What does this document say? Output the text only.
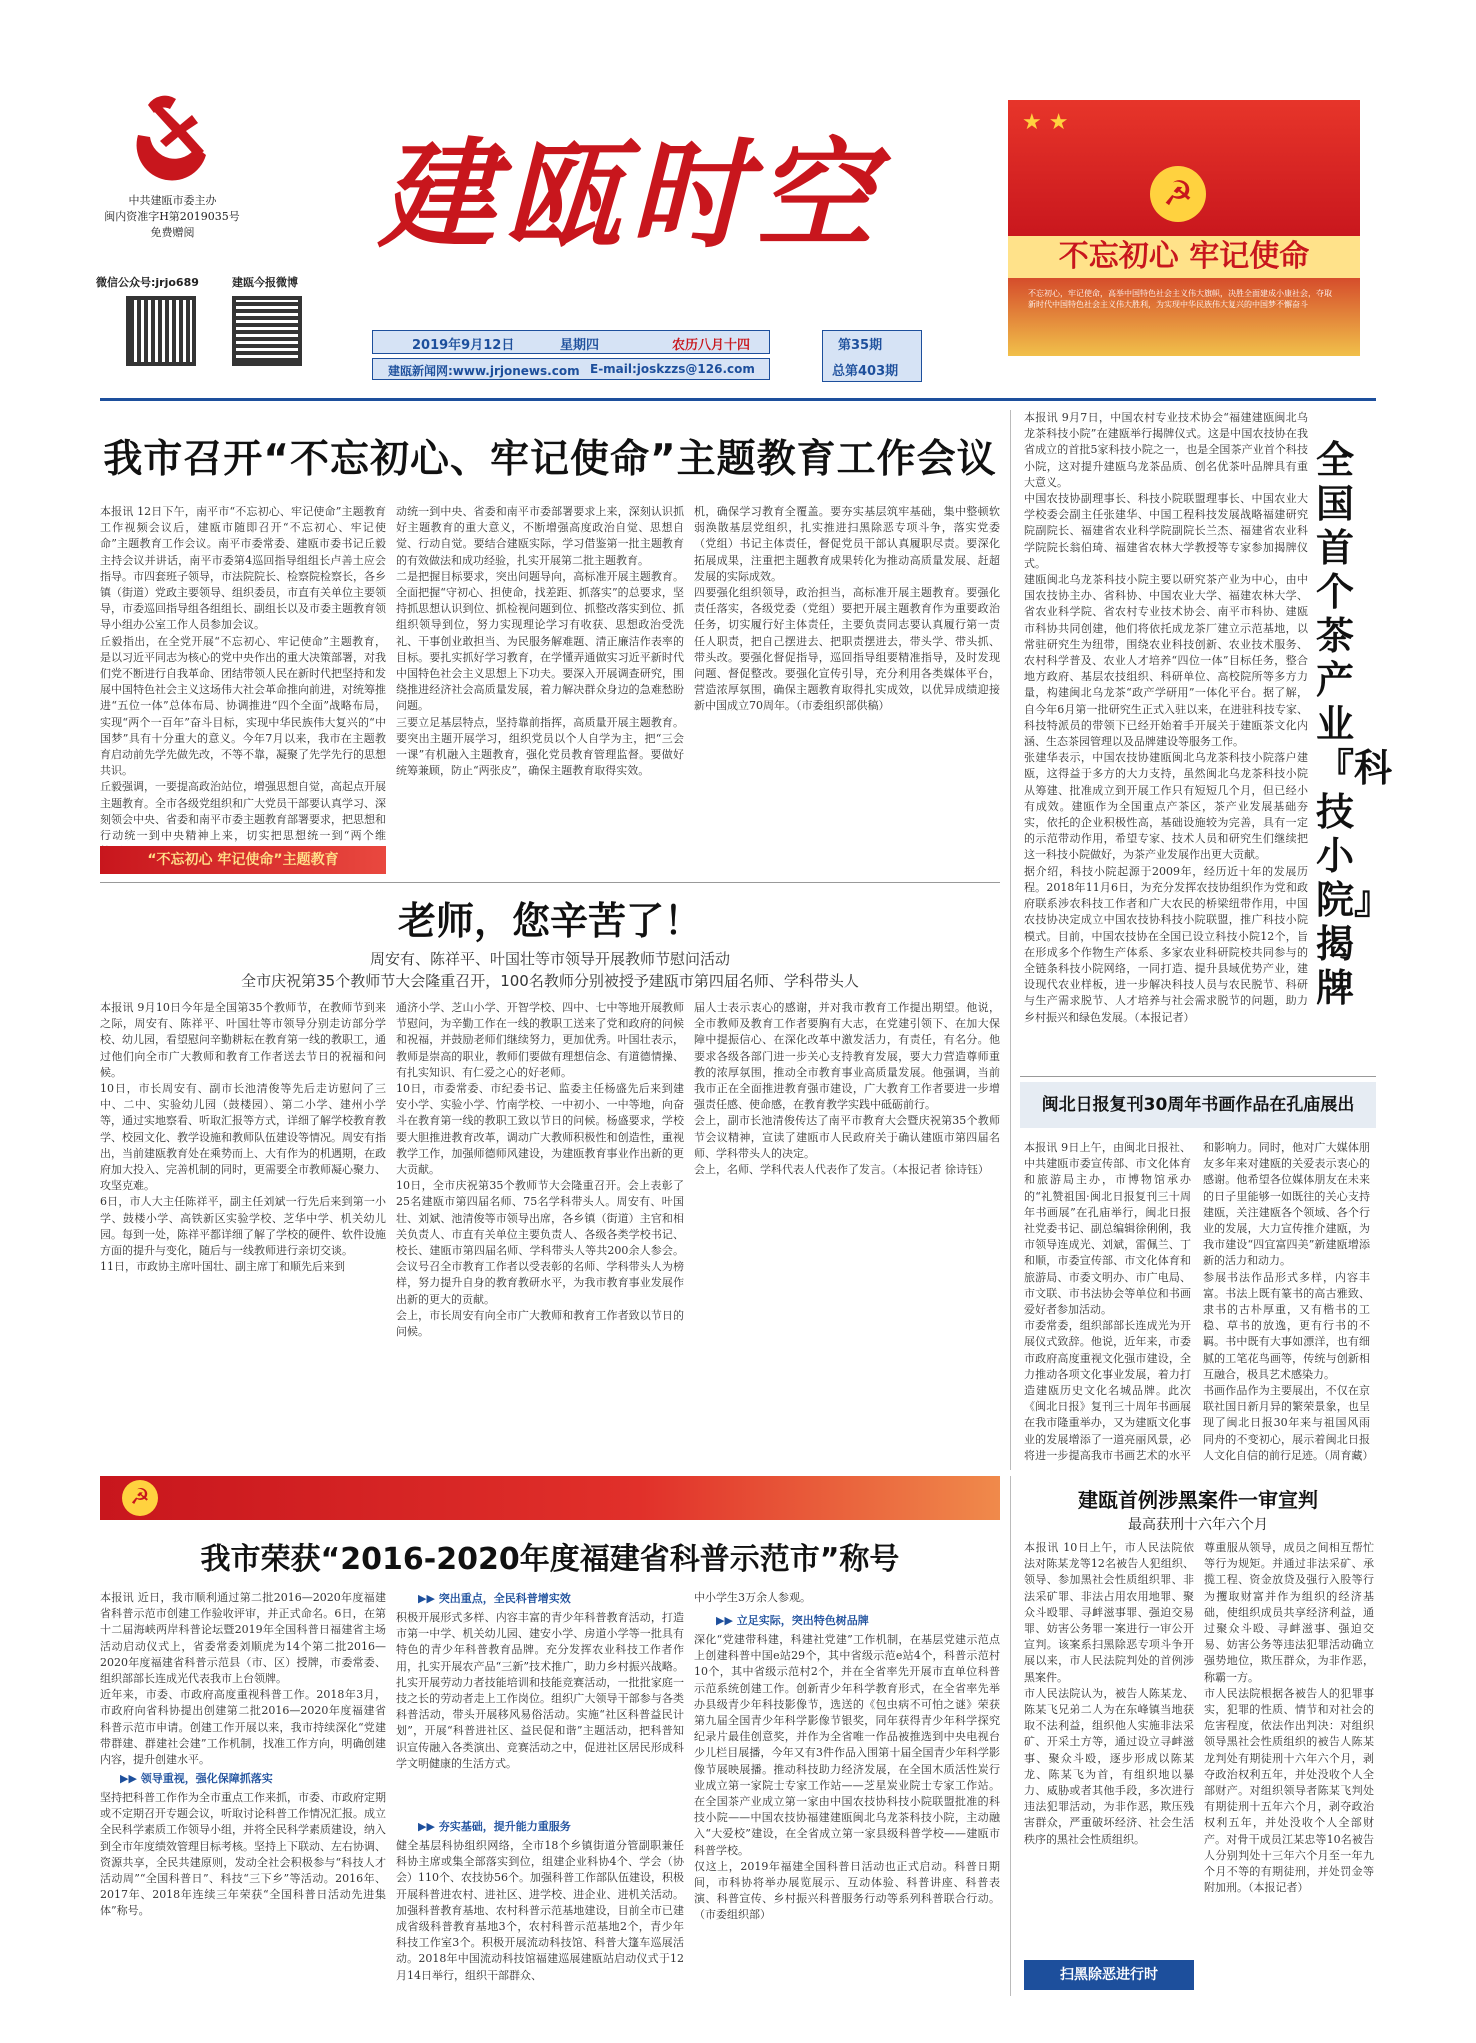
中共建瓯市委主办
闽内资准字H第2019035号
免费赠阅
微信公众号:jrjo689	建瓯今报微博
建瓯时空
2019年9月12日	星期四	农历八月十四
建瓯新闻网:www.jrjonews.com E-mail:joskzzs@126.com
第35期
总第403期
★ ★
☭
不忘初心 牢记使命
不忘初心，牢记使命，高举中国特色社会主义伟大旗帜，决胜全面建成小康社会，夺取新时代中国特色社会主义伟大胜利，为实现中华民族伟大复兴的中国梦不懈奋斗
我市召开“不忘初心、牢记使命”主题教育工作会议
本报讯 12日下午，南平市“不忘初心、牢记使命”主题教育工作视频会议后，建瓯市随即召开“不忘初心、牢记使命”主题教育工作会议。南平市委常委、建瓯市委书记丘毅主持会议并讲话，南平市委第4巡回指导组组长卢善土应会指导。市四套班子领导，市法院院长、检察院检察长，各乡镇（街道）党政主要领导、组织委员，市直有关单位主要领导，市委巡回指导组各组组长、副组长以及市委主题教育领导小组办公室工作人员参加会议。
丘毅指出，在全党开展“不忘初心、牢记使命”主题教育，是以习近平同志为核心的党中央作出的重大决策部署，对我们党不断进行自我革命、团结带领人民在新时代把坚持和发展中国特色社会主义这场伟大社会革命推向前进，对统筹推进“五位一体”总体布局、协调推进“四个全面”战略布局，实现“两个一百年”奋斗目标，实现中华民族伟大复兴的“中国梦”具有十分重大的意义。今年7月以来，我市在主题教育启动前先学先做先改，不等不靠，凝聚了先学先行的思想共识。
丘毅强调，一要提高政治站位，增强思想自觉，高起点开展主题教育。全市各级党组织和广大党员干部要认真学习、深刻领会中央、省委和南平市委主题教育部署要求，把思想和行动统一到中央精神上来，切实把思想统一到“两个维
动统一到中央、省委和南平市委部署要求上来，深刻认识抓好主题教育的重大意义，不断增强高度政治自觉、思想自觉、行动自觉。要结合建瓯实际，学习借鉴第一批主题教育的有效做法和成功经验，扎实开展第二批主题教育。
二是把握目标要求，突出问题导向，高标准开展主题教育。全面把握“守初心、担使命，找差距、抓落实”的总要求，坚持抓思想认识到位、抓检视问题到位、抓整改落实到位、抓组织领导到位，努力实现理论学习有收获、思想政治受洗礼、干事创业敢担当、为民服务解难题、清正廉洁作表率的目标。要扎实抓好学习教育，在学懂弄通做实习近平新时代中国特色社会主义思想上下功夫。要深入开展调查研究，围绕推进经济社会高质量发展，着力解决群众身边的急难愁盼问题。
三要立足基层特点，坚持靠前指挥，高质量开展主题教育。要突出主题开展学习，组织党员以个人自学为主，把“三会一课”有机融入主题教育，强化党员教育管理监督。要做好统筹兼顾，防止“两张皮”，确保主题教育取得实效。
机，确保学习教育全覆盖。要夯实基层筑牢基础，集中整顿软弱涣散基层党组织，扎实推进扫黑除恶专项斗争，落实党委（党组）书记主体责任，督促党员干部认真履职尽责。要深化拓展成果，注重把主题教育成果转化为推动高质量发展、赶超发展的实际成效。
四要强化组织领导，政治担当，高标准开展主题教育。要强化责任落实，各级党委（党组）要把开展主题教育作为重要政治任务，切实履行好主体责任，主要负责同志要认真履行第一责任人职责，把自己摆进去、把职责摆进去，带头学、带头抓、带头改。要强化督促指导，巡回指导组要精准指导，及时发现问题、督促整改。要强化宣传引导，充分利用各类媒体平台，营造浓厚氛围，确保主题教育取得扎实成效，以优异成绩迎接新中国成立70周年。（市委组织部供稿）
“不忘初心 牢记使命”主题教育
老师，您辛苦了！
周安有、陈祥平、叶国壮等市领导开展教师节慰问活动
全市庆祝第35个教师节大会隆重召开，100名教师分别被授予建瓯市第四届名师、学科带头人
本报讯 9月10日今年是全国第35个教师节，在教师节到来之际，周安有、陈祥平、叶国壮等市领导分别走访部分学校、幼儿园，看望慰问辛勤耕耘在教育第一线的教职工，通过他们向全市广大教师和教育工作者送去节日的祝福和问候。
10日，市长周安有、副市长池清俊等先后走访慰问了三中、二中、实验幼儿园（鼓楼园）、第二小学、建州小学等，通过实地察看、听取汇报等方式，详细了解学校教育教学、校园文化、教学设施和教师队伍建设等情况。周安有指出，当前建瓯教育处在乘势而上、大有作为的机遇期，在政府加大投入、完善机制的同时，更需要全市教师凝心聚力、攻坚克难。
6日，市人大主任陈祥平，副主任刘斌一行先后来到第一小学、鼓楼小学、高铁新区实验学校、芝华中学、机关幼儿园。每到一处，陈祥平都详细了解了学校的硬件、软件设施方面的提升与变化，随后与一线教师进行亲切交谈。
11日，市政协主席叶国壮、副主席丁和顺先后来到
通济小学、芝山小学、开智学校、四中、七中等地开展教师节慰问，为辛勤工作在一线的教职工送来了党和政府的问候和祝福，并鼓励老师们继续努力，更加优秀。叶国壮表示，教师是崇高的职业，教师们要做有理想信念、有道德情操、有扎实知识、有仁爱之心的好老师。
10日，市委常委、市纪委书记、监委主任杨盛先后来到建安小学、实验小学、竹南学校、一中初小、一中等地，向奋斗在教育第一线的教职工致以节日的问候。杨盛要求，学校要大胆推进教育改革，调动广大教师积极性和创造性，重视教学工作，加强师德师风建设，为建瓯教育事业作出新的更大贡献。
10日，全市庆祝第35个教师节大会隆重召开。会上表彰了25名建瓯市第四届名师、75名学科带头人。周安有、叶国壮、刘斌、池清俊等市领导出席，各乡镇（街道）主官和相关负责人、市直有关单位主要负责人、各级各类学校书记、校长、建瓯市第四届名师、学科带头人等共200余人参会。会议号召全市教育工作者以受表彰的名师、学科带头人为榜样，努力提升自身的教育教研水平，为我市教育事业发展作出新的更大的贡献。
会上，市长周安有向全市广大教师和教育工作者致以节日的问候。
届人士表示衷心的感谢，并对我市教育工作提出期望。他说，全市教师及教育工作者要胸有大志，在党建引领下、在加大保障中提振信心、在深化改革中激发活力，有责任，有名分。他要求各级各部门进一步关心支持教育发展，要大力营造尊师重教的浓厚氛围，推动全市教育事业高质量发展。他强调，当前我市正在全面推进教育强市建设，广大教育工作者要进一步增强责任感、使命感，在教育教学实践中砥砺前行。
会上，副市长池清俊传达了南平市教育大会暨庆祝第35个教师节会议精神，宣读了建瓯市人民政府关于确认建瓯市第四届名师、学科带头人的决定。
会上，名师、学科代表人代表作了发言。（本报记者 徐诗钰）
本报讯 9月7日，中国农村专业技术协会“福建建瓯闽北乌龙茶科技小院”在建瓯举行揭牌仪式。这是中国农技协在我省成立的首批5家科技小院之一，也是全国茶产业首个科技小院，这对提升建瓯乌龙茶品质、创名优茶叶品牌具有重大意义。
中国农技协副理事长、科技小院联盟理事长、中国农业大学校委会副主任张建华、中国工程科技发展战略福建研究院副院长、福建省农业科学院副院长兰杰、福建省农业科学院院长翁伯琦、福建省农林大学教授等专家参加揭牌仪式。
建瓯闽北乌龙茶科技小院主要以研究茶产业为中心，由中国农技协主办、省科协、中国农业大学、福建农林大学、省农业科学院、省农村专业技术协会、南平市科协、建瓯市科协共同创建，他们将依托成龙茶厂建立示范基地，以常驻研究生为纽带，围绕农业科技创新、农业技术服务、农村科学普及、农业人才培养“四位一体”目标任务，整合地方政府、基层农技组织、科研单位、高校院所等多方力量，构建闽北乌龙茶“政产学研用”一体化平台。据了解，自今年6月第一批研究生正式入驻以来，在进驻科技专家、科技特派员的带领下已经开始着手开展关于建瓯茶文化内涵、生态茶园管理以及品牌建设等服务工作。
张建华表示，中国农技协建瓯闽北乌龙茶科技小院落户建瓯，这得益于多方的大力支持，虽然闽北乌龙茶科技小院从筹建、批准成立到开展工作只有短短几个月，但已经小有成效。建瓯作为全国重点产茶区，茶产业发展基础夯实，依托的企业积极性高，基础设施较为完善，具有一定的示范带动作用，希望专家、技术人员和研究生们继续把这一科技小院做好，为茶产业发展作出更大贡献。
据介绍，科技小院起源于2009年，经历近十年的发展历程。2018年11月6日，为充分发挥农技协组织作为党和政府联系涉农科技工作者和广大农民的桥梁纽带作用，中国农技协决定成立中国农技协科技小院联盟，推广科技小院模式。目前，中国农技协在全国已设立科技小院12个，旨在形成多个作物生产体系、多家农业科研院校共同参与的全链条科技小院网络，一同打造、提升县域优势产业，建设现代农业样板，进一步解决科技人员与农民脱节、科研与生产需求脱节、人才培养与社会需求脱节的问题，助力乡村振兴和绿色发展。（本报记者）
全国首个茶产业『科技小院』揭牌
闽北日报复刊30周年书画作品在孔庙展出
本报讯 9日上午，由闽北日报社、中共建瓯市委宣传部、市文化体育和旅游局主办，市博物馆承办的“礼赞祖国·闽北日报复刊三十周年书画展”在孔庙举行，闽北日报社党委书记、副总编辑徐俐俐，我市领导连成光、刘斌，雷佩兰、丁和顺，市委宣传部、市文化体育和旅游局、市委文明办、市广电局、市文联、市书法协会等单位和书画爱好者参加活动。
市委常委，组织部部长连成光为开展仪式致辞。他说，近年来，市委市政府高度重视文化强市建设，全力推动各项文化事业发展，着力打造建瓯历史文化名城品牌。此次《闽北日报》复刊三十周年书画展在我市隆重举办，又为建瓯文化事业的发展增添了一道亮丽风景，必将进一步提高我市书画艺术的水平和影响力。同时，他对广大媒体朋友多年来对建瓯的关爱表示衷心的感谢。他希望各位媒体朋友在未来的日子里能够一如既往的关心支持建瓯，关注建瓯各个领域、各个行业的发展，大力宣传推介建瓯，为我市建设“四宜富四美”新建瓯增添新的活力和动力。
参展书法作品形式多样，内容丰富。书法上既有篆书的高古雅致、隶书的古朴厚重，又有楷书的工稳、草书的放逸，更有行书的不羁。书中既有大事如漂洋，也有细腻的工笔花鸟画等，传统与创新相互融合，极具艺术感染力。
书画作品作为主要展出，不仅在京联社国日新月异的繁荣景象，也呈现了闽北日报30年来与祖国风雨同舟的不变初心，展示着闽北日报人文化自信的前行足迹。（周育藏）
☭
我市荣获“2016-2020年度福建省科普示范市”称号
本报讯 近日，我市顺利通过第二批2016—2020年度福建省科普示范市创建工作验收评审，并正式命名。6日，在第十二届海峡两岸科普论坛暨2019年全国科普日福建省主场活动启动仪式上，省委常委刘顺虎为14个第二批2016—2020年度福建省科普示范县（市、区）授牌，市委常委、组织部部长连成光代表我市上台领牌。
近年来，市委、市政府高度重视科普工作。2018年3月，市政府向省科协提出创建第二批2016—2020年度福建省科普示范市申请。创建工作开展以来，我市持续深化“党建带群建、群建社会建”工作机制，找准工作方向，明确创建内容，提升创建水平。
▶▶ 领导重视，强化保障抓落实
坚持把科普工作作为全市重点工作来抓，市委、市政府定期或不定期召开专题会议，听取讨论科普工作情况汇报。成立全民科学素质工作领导小组，并将全民科学素质建设，纳入到全市年度绩效管理目标考核。坚持上下联动、左右协调、资源共享，全民共建原则，发动全社会积极参与“科技人才活动周”“全国科普日”、科技“三下乡”等活动。2016年、2017年、2018年连续三年荣获“全国科普日活动先进集体”称号。
▶▶ 突出重点，全民科普增实效
积极开展形式多样、内容丰富的青少年科普教育活动，打造市第一中学、机关幼儿园、建安小学、房道小学等一批具有特色的青少年科普教育品牌。充分发挥农业科技工作者作用，扎实开展农产品“三新”技术推广，助力乡村振兴战略。扎实开展劳动力者技能培训和技能竞赛活动，一批批家庭一技之长的劳动者走上工作岗位。组织广大领导干部参与各类科普活动，带头开展移风易俗活动。实施“社区科普益民计划”，开展“科普进社区、益民促和谐”主题活动，把科普知识宣传融入各类演出、竞赛活动之中，促进社区居民形成科学文明健康的生活方式。
▶▶ 夯实基础，提升能力重服务
健全基层科协组织网络，全市18个乡镇街道分管副职兼任科协主席或集全部落实到位，组建企业科协4个、学会（协会）110个、农技协56个。加强科普工作部队伍建设，积极开展科普进农村、进社区、进学校、进企业、进机关活动。加强科普教育基地、农村科普示范基地建设，目前全市已建成省级科普教育基地3个，农村科普示范基地2个，青少年科技工作室3个。积极开展流动科技馆、科普大篷车巡展活动。2018年中国流动科技馆福建巡展建瓯站启动仪式于12月14日举行，组织干部群众、
中小学生3万余人参观。
▶▶ 立足实际，突出特色树品牌
深化“党建带科建，科建社党建”工作机制，在基层党建示范点上创建科普中国e站29个，其中省级示范e站4个，科普示范村10个，其中省级示范村2个，并在全省率先开展市直单位科普示范系统创建工作。创新青少年科学教育形式，在全省率先举办县级青少年科技影像节，选送的《包虫病不可怕之谜》荣获第九届全国青少年科学影像节银奖，同年获得青少年科学探究纪录片最佳创意奖，并作为全省唯一作品被推选到中央电视台少儿栏目展播，今年又有3件作品入围第十届全国青少年科学影像节展映展播。推动科技助力经济发展，在全国木质活性炭行业成立第一家院士专家工作站——芝星炭业院士专家工作站。在全国茶产业成立第一家由中国农技协科技小院联盟批准的科技小院——中国农技协福建建瓯闽北乌龙茶科技小院，主动融入“大爱校”建设，在全省成立第一家县级科普学校——建瓯市科普学校。
仅这上，2019年福建全国科普日活动也正式启动。科普日期间，市科协将举办展览展示、互动体验、科普讲座、科普表演、科普宣传、乡村振兴科普服务行动等系列科普联合行动。（市委组织部）
建瓯首例涉黑案件一审宣判
最高获刑十六年六个月
本报讯 10日上午，市人民法院依法对陈某龙等12名被告人犯组织、领导、参加黑社会性质组织罪、非法采矿罪、非法占用农用地罪、聚众斗殴罪、寻衅滋事罪、强迫交易罪、妨害公务罪一案进行一审公开宣判。该案系扫黑除恶专项斗争开展以来，市人民法院判处的首例涉黑案件。
市人民法院认为，被告人陈某龙、陈某飞兄弟二人为在东峰镇当地获取不法利益，组织他人实施非法采矿、开采土方等，通过设立寻衅滋事、聚众斗殴，逐步形成以陈某龙、陈某飞为首，有组织地以暴力、威胁或者其他手段，多次进行违法犯罪活动，为非作恶，欺压残害群众，严重破坏经济、社会生活秩序的黑社会性质组织。
尊重服从领导，成员之间相互帮忙等行为规矩。并通过非法采矿、承揽工程、资金放贷及强行入股等行为攫取财富并作为组织的经济基础，使组织成员共享经济利益，通过聚众斗殴、寻衅滋事、强迫交易、妨害公务等违法犯罪活动确立强势地位，欺压群众，为非作恶，称霸一方。
市人民法院根据各被告人的犯罪事实，犯罪的性质、情节和对社会的危害程度，依法作出判决：对组织领导黑社会性质组织的被告人陈某龙判处有期徒刑十六年六个月，剥夺政治权利五年，并处没收个人全部财产。对组织领导者陈某飞判处有期徒刑十五年六个月，剥夺政治权利五年，并处没收个人全部财产。对骨干成员江某忠等10名被告人分别判处十三年六个月至一年九个月不等的有期徒刑，并处罚金等附加刑。（本报记者）
扫黑除恶进行时
